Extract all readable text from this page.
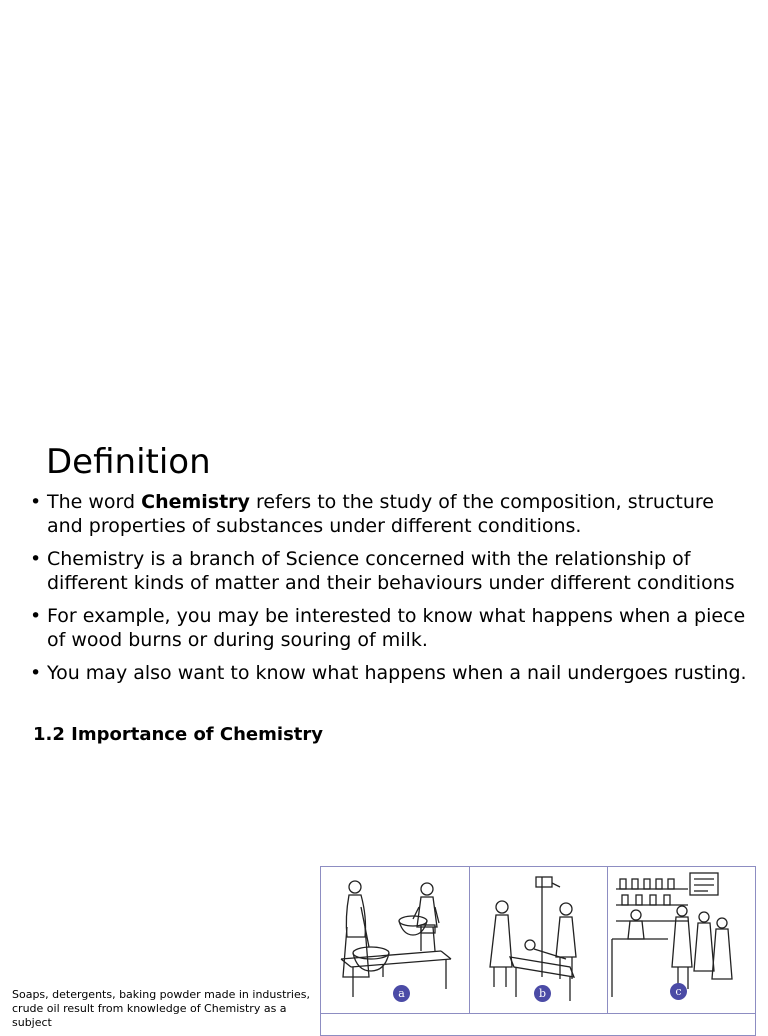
Definition
• The word Chemistry refers to the study of the composition, structure and properties of substances under different conditions.
• Chemistry is a branch of Science concerned with the relationship of different kinds of matter and their behaviours under different conditions
• For example, you may be interested to know what happens when a piece of wood burns or during souring of milk.
• You may also want to know what happens when a nail undergoes rusting.
1.2 Importance of Chemistry

Soaps, detergents, baking powder made in industries, crude oil result from knowledge of Chemistry as a subject

a	b	c
